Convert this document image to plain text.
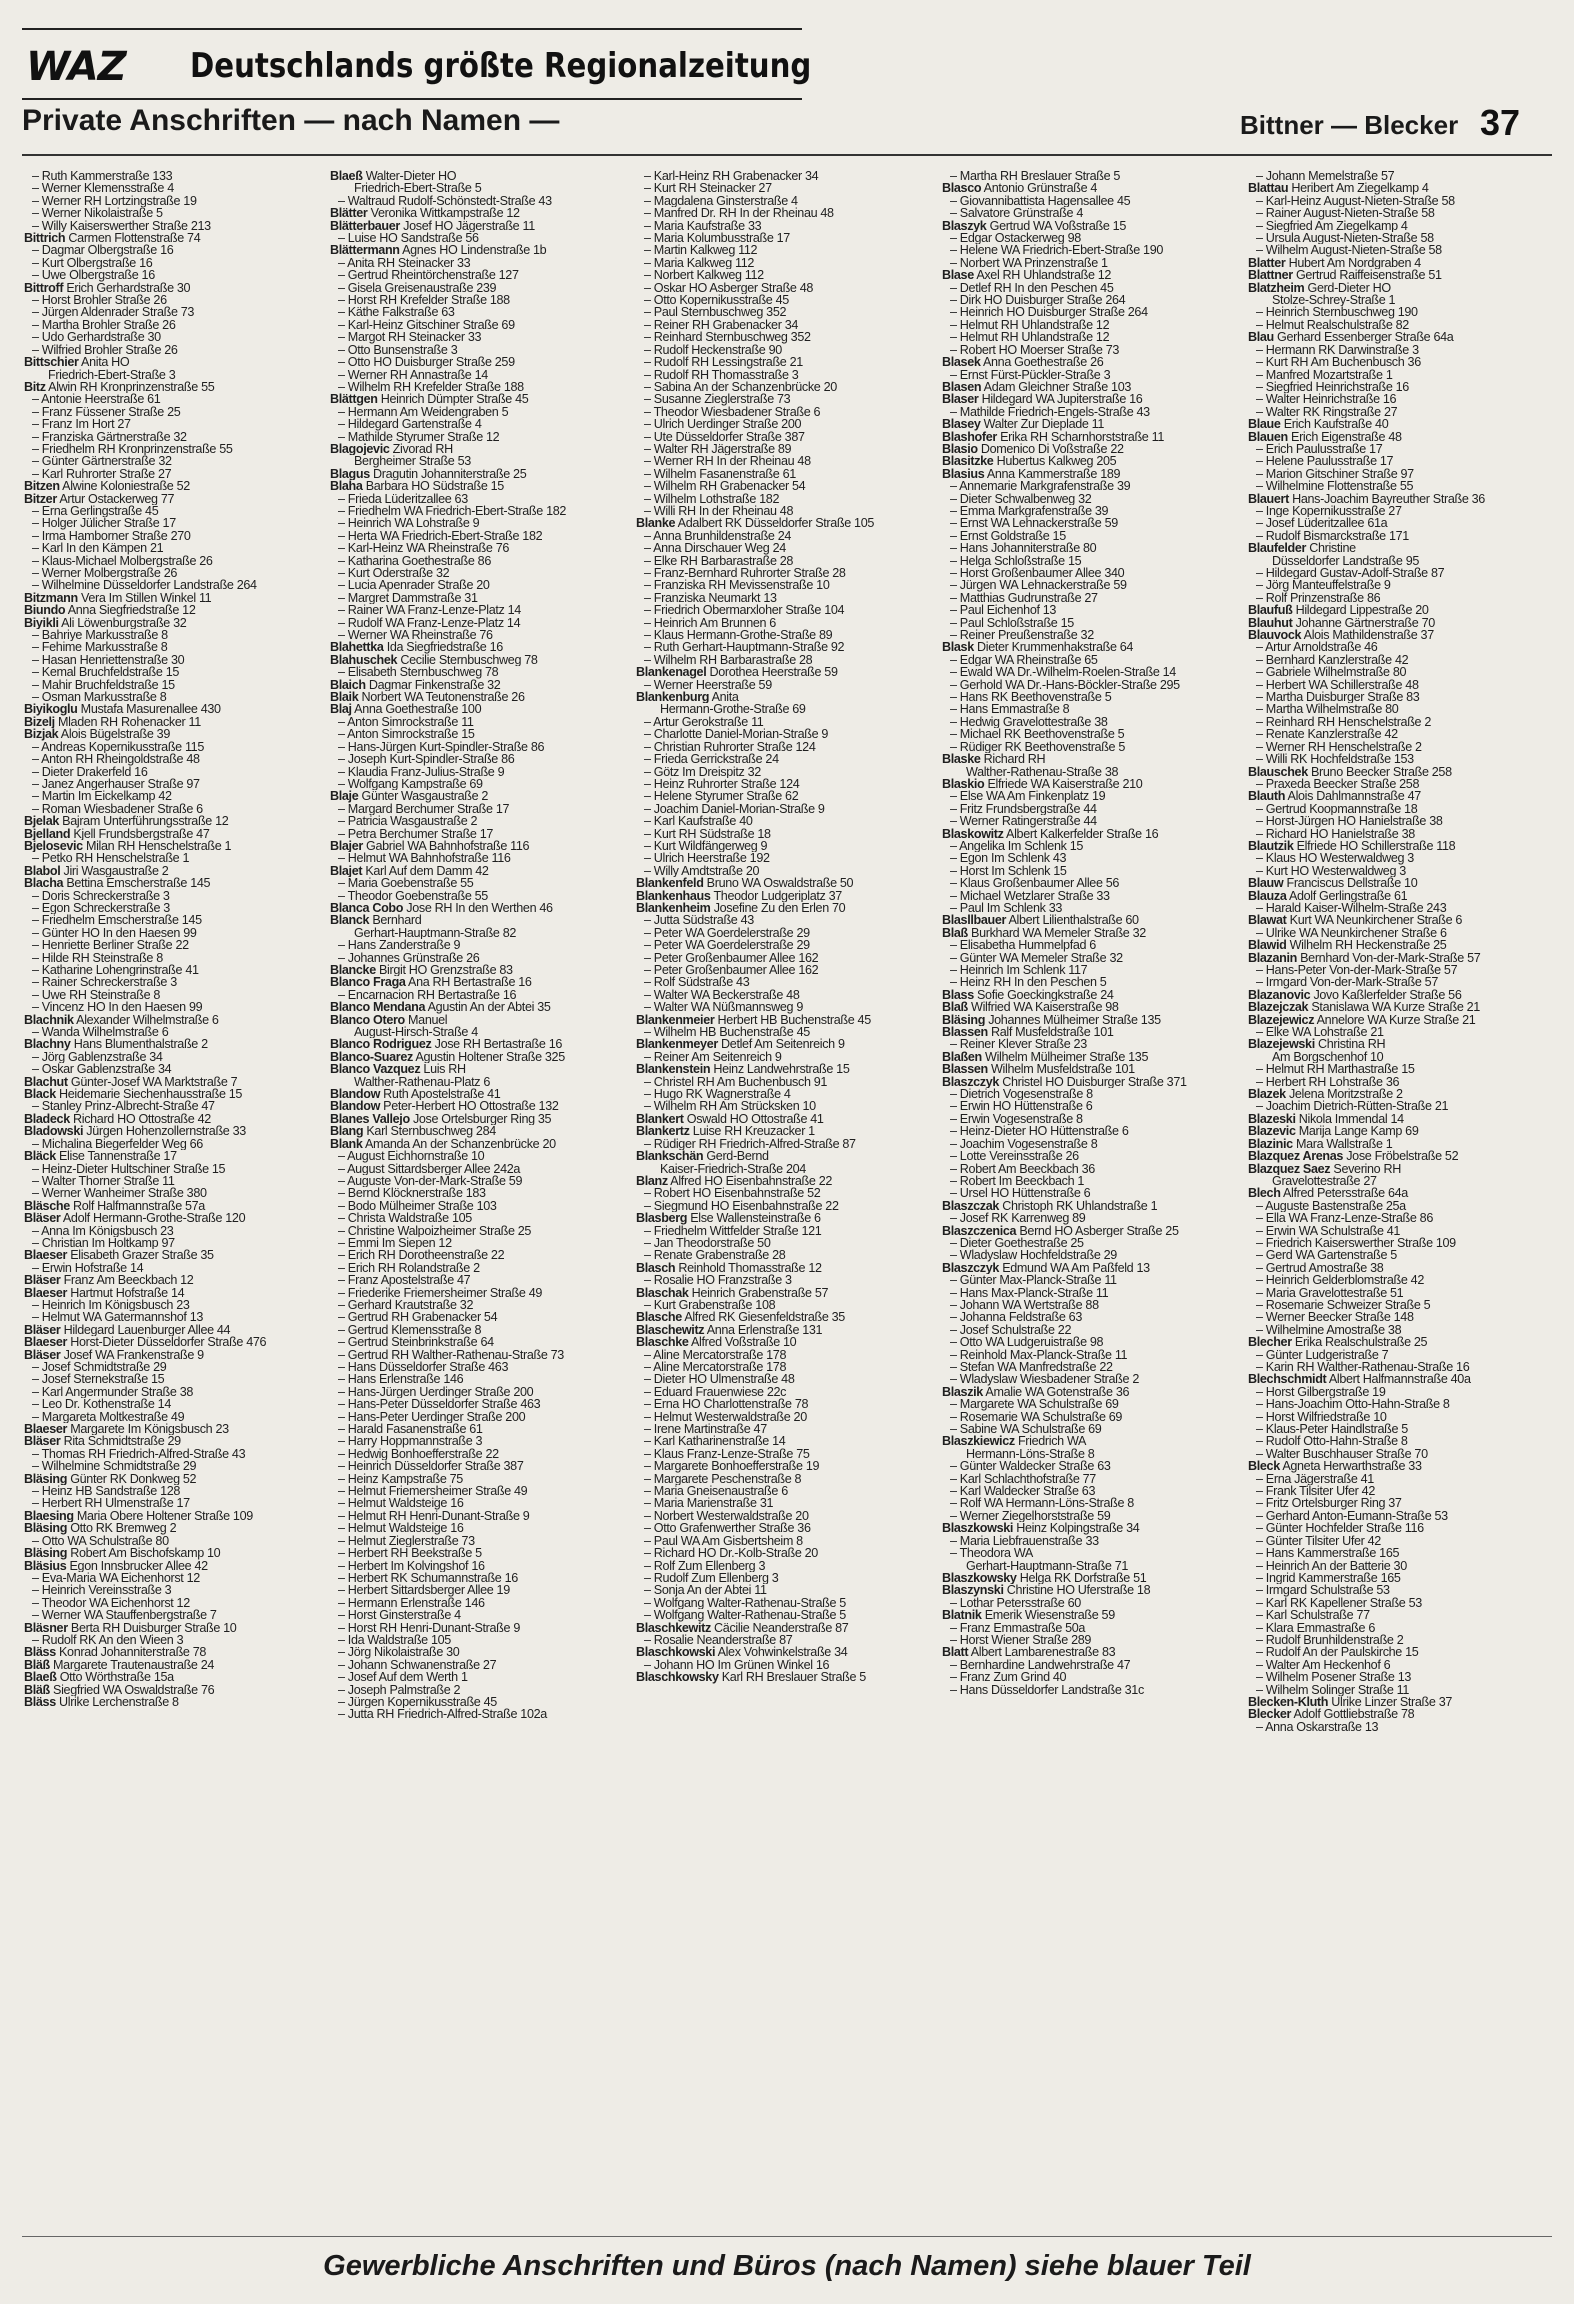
WAZ Deutschlands größte Regionalzeitung
Private Anschriften — nach Namen —	Bittner — Blecker 37
– Ruth Kammerstraße 133
– Werner Klemensstraße 4
– Werner RH Lortzingstraße 19
– Werner Nikolaistraße 5
– Willy Kaiserswerther Straße 213
Bittrich Carmen Flottenstraße 74
– Dagmar Ölbergstraße 16
– Kurt Ölbergstraße 16
– Uwe Ölbergstraße 16
Bittroff Erich Gerhardstraße 30
– Horst Brohler Straße 26
– Jürgen Aldenrader Straße 73
– Martha Brohler Straße 26
– Udo Gerhardstraße 30
– Wilfried Brohler Straße 26
Bittschier Anita HO
Friedrich-Ebert-Straße 3
Bitz Alwin RH Kronprinzenstraße 55
– Antonie Heerstraße 61
– Franz Füssener Straße 25
– Franz Im Hort 27
– Franziska Gärtnerstraße 32
– Friedhelm RH Kronprinzenstraße 55
– Günter Gärtnerstraße 32
– Karl Ruhrorter Straße 27
Bitzen Alwine Koloniestraße 52
Bitzer Artur Ostackerweg 77
– Erna Gerlingstraße 45
– Holger Jülicher Straße 17
– Irma Hamborner Straße 270
– Karl In den Kämpen 21
– Klaus-Michael Molbergstraße 26
– Werner Molbergstraße 26
– Wilhelmine Düsseldorfer Landstraße 264
Bitzmann Vera Im Stillen Winkel 11
Biundo Anna Siegfriedstraße 12
Biyikli Ali Löwenburgstraße 32
– Bahriye Markusstraße 8
– Fehime Markusstraße 8
– Hasan Henriettenstraße 30
– Kemal Bruchfeldstraße 15
– Mahir Bruchfeldstraße 15
– Osman Markusstraße 8
Biyikoglu Mustafa Masurenallee 430
Bizelj Mladen RH Rohenacker 11
Bizjak Alois Bügelstraße 39
– Andreas Kopernikusstraße 115
– Anton RH Rheingoldstraße 48
– Dieter Drakerfeld 16
– Janez Angerhauser Straße 97
– Martin Im Eickelkamp 42
– Roman Wiesbadener Straße 6
Bjelak Bajram Unterführungsstraße 12
Bjelland Kjell Frundsbergstraße 47
Bjelosevic Milan RH Henschelstraße 1
– Petko RH Henschelstraße 1
Blabol Jiri Wasgaustraße 2
Blacha Bettina Emscherstraße 145
– Doris Schreckerstraße 3
– Egon Schreckerstraße 3
– Friedhelm Emscherstraße 145
– Günter HO In den Haesen 99
– Henriette Berliner Straße 22
– Hilde RH Steinstraße 8
– Katharine Lohengrinstraße 41
– Rainer Schreckerstraße 3
– Uwe RH Steinstraße 8
– Vincenz HO In den Haesen 99
Blachnik Alexander Wilhelmstraße 6
– Wanda Wilhelmstraße 6
Blachny Hans Blumenthalstraße 2
– Jörg Gablenzstraße 34
– Oskar Gablenzstraße 34
Blachut Günter-Josef WA Marktstraße 7
Black Heidemarie Siechenhausstraße 15
– Stanley Prinz-Albrecht-Straße 47
Bladeck Richard HO Ottostraße 42
Bladowski Jürgen Hohenzollernstraße 33
– Michalina Biegerfelder Weg 66
Bläck Elise Tannenstraße 17
– Heinz-Dieter Hultschiner Straße 15
– Walter Thorner Straße 11
– Werner Wanheimer Straße 380
Bläsche Rolf Halfmannstraße 57a
Bläser Adolf Hermann-Grothe-Straße 120
– Anna Im Königsbusch 23
– Christian Im Holtkamp 97
Blaeser Elisabeth Grazer Straße 35
– Erwin Hofstraße 14
Bläser Franz Am Beeckbach 12
Blaeser Hartmut Hofstraße 14
– Heinrich Im Königsbusch 23
– Helmut WA Gatermannshof 13
Bläser Hildegard Lauenburger Allee 44
Blaeser Horst-Dieter Düsseldorfer Straße 476
Bläser Josef WA Frankenstraße 9
– Josef Schmidtstraße 29
– Josef Sternekstraße 15
– Karl Angermunder Straße 38
– Leo Dr. Kothenstraße 14
– Margareta Moltkestraße 49
Blaeser Margarete Im Königsbusch 23
Bläser Rita Schmidtstraße 29
– Thomas RH Friedrich-Alfred-Straße 43
– Wilhelmine Schmidtstraße 29
Bläsing Günter RK Donkweg 52
– Heinz HB Sandstraße 128
– Herbert RH Ulmenstraße 17
Blaesing Maria Obere Holtener Straße 109
Bläsing Otto RK Bremweg 2
– Otto WA Schulstraße 80
Bläsing Robert Am Bischofskamp 10
Bläsius Egon Innsbrucker Allee 42
– Eva-Maria WA Eichenhorst 12
– Heinrich Vereinsstraße 3
– Theodor WA Eichenhorst 12
– Werner WA Stauffenbergstraße 7
Bläsner Berta RH Duisburger Straße 10
– Rudolf RK An den Wieen 3
Bläss Konrad Johanniterstraße 78
Bläß Margarete Trautenaustraße 24
Blaeß Otto Wörthstraße 15a
Bläß Siegfried WA Oswaldstraße 76
Bläss Ulrike Lerchenstraße 8
Blaeß Walter-Dieter HO
Friedrich-Ebert-Straße 5
– Waltraud Rudolf-Schönstedt-Straße 43
Blätter Veronika Wittkampstraße 12
Blätterbauer Josef HO Jägerstraße 11
– Luise HO Sandstraße 56
Blättermann Agnes HO Lindenstraße 1b
– Anita RH Steinacker 33
– Gertrud Rheintörchenstraße 127
– Gisela Greisenaustraße 239
– Horst RH Krefelder Straße 188
– Käthe Falkstraße 63
– Karl-Heinz Gitschiner Straße 69
– Margot RH Steinacker 33
– Otto Bunsenstraße 3
– Otto HO Duisburger Straße 259
– Werner RH Annastraße 14
– Wilhelm RH Krefelder Straße 188
Blättgen Heinrich Dümpter Straße 45
– Hermann Am Weidengraben 5
– Hildegard Gartenstraße 4
– Mathilde Styrumer Straße 12
Blagojevic Zivorad RH
Bergheimer Straße 53
Blagus Dragutin Johanniterstraße 25
Blaha Barbara HO Südstraße 15
– Frieda Lüderitzallee 63
– Friedhelm WA Friedrich-Ebert-Straße 182
– Heinrich WA Lohstraße 9
– Herta WA Friedrich-Ebert-Straße 182
– Karl-Heinz WA Rheinstraße 76
– Katharina Goethestraße 86
– Kurt Oderstraße 32
– Lucia Apenrader Straße 20
– Margret Dammstraße 31
– Rainer WA Franz-Lenze-Platz 14
– Rudolf WA Franz-Lenze-Platz 14
– Werner WA Rheinstraße 76
Blahettka Ida Siegfriedstraße 16
Blahuschek Cecilie Sternbuschweg 78
– Elisabeth Sternbuschweg 78
Blaich Dagmar Finkenstraße 32
Blaik Norbert WA Teutonenstraße 26
Blaj Anna Goethestraße 100
– Anton Simrockstraße 11
– Anton Simrockstraße 15
– Hans-Jürgen Kurt-Spindler-Straße 86
– Joseph Kurt-Spindler-Straße 86
– Klaudia Franz-Julius-Straße 9
– Wolfgang Kampstraße 69
Blaje Günter Wasgaustraße 2
– Margard Berchumer Straße 17
– Patricia Wasgaustraße 2
– Petra Berchumer Straße 17
Blajer Gabriel WA Bahnhofstraße 116
– Helmut WA Bahnhofstraße 116
Blajet Karl Auf dem Damm 42
– Maria Goebenstraße 55
– Theodor Goebenstraße 55
Blanca Cobo Jose RH In den Werthen 46
Blanck Bernhard
Gerhart-Hauptmann-Straße 82
– Hans Zanderstraße 9
– Johannes Grünstraße 26
Blancke Birgit HO Grenzstraße 83
Blanco Fraga Ana RH Bertastraße 16
– Encarnacion RH Bertastraße 16
Blanco Mendana Agustin An der Abtei 35
Blanco Otero Manuel
August-Hirsch-Straße 4
Blanco Rodriguez Jose RH Bertastraße 16
Blanco-Suarez Agustin Holtener Straße 325
Blanco Vazquez Luis RH
Walther-Rathenau-Platz 6
Blandow Ruth Apostelstraße 41
Blandow Peter-Herbert HO Ottostraße 132
Blanes Vallejo Jose Ortelsburger Ring 35
Blang Karl Sternbuschweg 284
Blank Amanda An der Schanzenbrücke 20
– August Eichhornstraße 10
– August Sittardsberger Allee 242a
– Auguste Von-der-Mark-Straße 59
– Bernd Klöcknerstraße 183
– Bodo Mülheimer Straße 103
– Christa Waldstraße 105
– Christine Walpoizheimer Straße 25
– Emmi Im Siepen 12
– Erich RH Dorotheenstraße 22
– Erich RH Rolandstraße 2
– Franz Apostelstraße 47
– Friederike Friemersheimer Straße 49
– Gerhard Krautstraße 32
– Gertrud RH Grabenacker 54
– Gertrud Klemensstraße 8
– Gertrud Steinbrinkstraße 64
– Gertrud RH Walther-Rathenau-Straße 73
– Hans Düsseldorfer Straße 463
– Hans Erlenstraße 146
– Hans-Jürgen Uerdinger Straße 200
– Hans-Peter Düsseldorfer Straße 463
– Hans-Peter Uerdinger Straße 200
– Harald Fasanenstraße 61
– Harry Hoppmannstraße 3
– Hedwig Bonhoefferstraße 22
– Heinrich Düsseldorfer Straße 387
– Heinz Kampstraße 75
– Helmut Friemersheimer Straße 49
– Helmut Waldsteige 16
– Helmut RH Henri-Dunant-Straße 9
– Helmut Waldsteige 16
– Helmut Zieglerstraße 73
– Herbert RH Beekstraße 5
– Herbert Im Kolvingshof 16
– Herbert RK Schumannstraße 16
– Herbert Sittardsberger Allee 19
– Hermann Erlenstraße 146
– Horst Ginsterstraße 4
– Horst RH Henri-Dunant-Straße 9
– Ida Waldstraße 105
– Jörg Nikolaistraße 30
– Johann Schwanenstraße 27
– Josef Auf dem Werth 1
– Joseph Palmstraße 2
– Jürgen Kopernikusstraße 45
– Jutta RH Friedrich-Alfred-Straße 102a
– Karl-Heinz RH Grabenacker 34
– Kurt RH Steinacker 27
– Magdalena Ginsterstraße 4
– Manfred Dr. RH In der Rheinau 48
– Maria Kaufstraße 33
– Maria Kolumbusstraße 17
– Martin Kalkweg 112
– Maria Kalkweg 112
– Norbert Kalkweg 112
– Oskar HO Asberger Straße 48
– Otto Kopernikusstraße 45
– Paul Sternbuschweg 352
– Reiner RH Grabenacker 34
– Reinhard Sternbuschweg 352
– Rudolf Heckenstraße 90
– Rudolf RH Lessingstraße 21
– Rudolf RH Thomasstraße 3
– Sabina An der Schanzenbrücke 20
– Susanne Zieglerstraße 73
– Theodor Wiesbadener Straße 6
– Ulrich Uerdinger Straße 200
– Ute Düsseldorfer Straße 387
– Walter RH Jägerstraße 89
– Werner RH In der Rheinau 48
– Wilhelm Fasanenstraße 61
– Wilhelm RH Grabenacker 54
– Wilhelm Lothstraße 182
– Willi RH In der Rheinau 48
Blanke Adalbert RK Düsseldorfer Straße 105
– Anna Brunhildenstraße 24
– Anna Dirschauer Weg 24
– Elke RH Barbarastraße 28
– Franz-Bernhard Ruhrorter Straße 28
– Franziska RH Mevissenstraße 10
– Franziska Neumarkt 13
– Friedrich Obermarxloher Straße 104
– Heinrich Am Brunnen 6
– Klaus Hermann-Grothe-Straße 89
– Ruth Gerhart-Hauptmann-Straße 92
– Wilhelm RH Barbarastraße 28
Blankenagel Dorothea Heerstraße 59
– Werner Heerstraße 59
Blankenburg Anita
Hermann-Grothe-Straße 69
– Artur Gerokstraße 11
– Charlotte Daniel-Morian-Straße 9
– Christian Ruhrorter Straße 124
– Frieda Gerrickstraße 24
– Götz Im Dreispitz 32
– Heinz Ruhrorter Straße 124
– Helene Styrumer Straße 62
– Joachim Daniel-Morian-Straße 9
– Karl Kaufstraße 40
– Kurt RH Südstraße 18
– Kurt Wildfängerweg 9
– Ulrich Heerstraße 192
– Willy Amdtstraße 20
Blankenfeld Bruno WA Oswaldstraße 50
Blankenhaus Theodor Ludgeriplatz 37
Blankenheim Josefine Zu den Erlen 70
– Jutta Südstraße 43
– Peter WA Goerdelerstraße 29
– Peter WA Goerdelerstraße 29
– Peter Großenbaumer Allee 162
– Peter Großenbaumer Allee 162
– Rolf Südstraße 43
– Walter WA Beckerstraße 48
– Walter WA Nüßmannsweg 9
Blankenmeier Herbert HB Buchenstraße 45
– Wilhelm HB Buchenstraße 45
Blankenmeyer Detlef Am Seitenreich 9
– Reiner Am Seitenreich 9
Blankenstein Heinz Landwehrstraße 15
– Christel RH Am Buchenbusch 91
– Hugo RK Wagnerstraße 4
– Wilhelm RH Am Strücksken 10
Blankert Oswald HO Ottostraße 41
Blankertz Luise RH Kreuzacker 1
– Rüdiger RH Friedrich-Alfred-Straße 87
Blankschän Gerd-Bernd
Kaiser-Friedrich-Straße 204
Blanz Alfred HO Eisenbahnstraße 22
– Robert HO Eisenbahnstraße 52
– Siegmund HO Eisenbahnstraße 22
Blasberg Else Wallensteinstraße 6
– Friedhelm Wittfelder Straße 121
– Jan Theodorstraße 50
– Renate Grabenstraße 28
Blasch Reinhold Thomasstraße 12
– Rosalie HO Franzstraße 3
Blaschak Heinrich Grabenstraße 57
– Kurt Grabenstraße 108
Blasche Alfred RK Giesenfeldstraße 35
Blaschewitz Anna Erlenstraße 131
Blaschke Alfred Voßstraße 10
– Aline Mercatorstraße 178
– Aline Mercatorstraße 178
– Dieter HO Ulmenstraße 48
– Eduard Frauenwiese 22c
– Erna HO Charlottenstraße 78
– Helmut Westerwaldstraße 20
– Irene Martinstraße 47
– Karl Katharinenstraße 14
– Klaus Franz-Lenze-Straße 75
– Margarete Bonhoefferstraße 19
– Margarete Peschenstraße 8
– Maria Gneisenaustraße 6
– Maria Marienstraße 31
– Norbert Westerwaldstraße 20
– Otto Grafenwerther Straße 36
– Paul WA Am Gisbertsheim 8
– Richard HO Dr.-Kolb-Straße 20
– Rolf Zum Ellenberg 3
– Rudolf Zum Ellenberg 3
– Sonja An der Abtei 11
– Wolfgang Walter-Rathenau-Straße 5
– Wolfgang Walter-Rathenau-Straße 5
Blaschkewitz Cäcilie Neanderstraße 87
– Rosalie Neanderstraße 87
Blaschkowski Alex Vohwinkelstraße 34
– Johann HO Im Grünen Winkel 16
Blaschkowsky Karl RH Breslauer Straße 5
– Martha RH Breslauer Straße 5
Blasco Antonio Grünstraße 4
– Giovannibattista Hagensallee 45
– Salvatore Grünstraße 4
Blaszyk Gertrud WA Voßstraße 15
– Edgar Ostackerweg 98
– Helene WA Friedrich-Ebert-Straße 190
– Norbert WA Prinzenstraße 1
Blase Axel RH Uhlandstraße 12
– Detlef RH In den Peschen 45
– Dirk HO Duisburger Straße 264
– Heinrich HO Duisburger Straße 264
– Helmut RH Uhlandstraße 12
– Helmut RH Uhlandstraße 12
– Robert HO Moerser Straße 73
Blasek Anna Goethestraße 26
– Ernst Fürst-Pückler-Straße 3
Blasen Adam Gleichner Straße 103
Blaser Hildegard WA Jupiterstraße 16
– Mathilde Friedrich-Engels-Straße 43
Blasey Walter Zur Dieplade 11
Blashofer Erika RH Scharnhorststraße 11
Blasio Domenico Di Voßstraße 22
Blasitzke Hubertus Kalkweg 205
Blasius Anna Kammerstraße 189
– Annemarie Markgrafenstraße 39
– Dieter Schwalbenweg 32
– Emma Markgrafenstraße 39
– Ernst WA Lehnackerstraße 59
– Ernst Goldstraße 15
– Hans Johanniterstraße 80
– Helga Schloßstraße 15
– Horst Großenbaumer Allee 340
– Jürgen WA Lehnackerstraße 59
– Matthias Gudrunstraße 27
– Paul Eichenhof 13
– Paul Schloßstraße 15
– Reiner Preußenstraße 32
Blask Dieter Krummenhakstraße 64
– Edgar WA Rheinstraße 65
– Ewald WA Dr.-Wilhelm-Roelen-Straße 14
– Gerhold WA Dr.-Hans-Böckler-Straße 295
– Hans RK Beethovenstraße 5
– Hans Emmastraße 8
– Hedwig Gravelottestraße 38
– Michael RK Beethovenstraße 5
– Rüdiger RK Beethovenstraße 5
Blaske Richard RH
Walther-Rathenau-Straße 38
Blaskio Elfriede WA Kaiserstraße 210
– Else WA Am Finkenplatz 19
– Fritz Frundsbergstraße 44
– Werner Ratingerstraße 44
Blaskowitz Albert Kalkerfelder Straße 16
– Angelika Im Schlenk 15
– Egon Im Schlenk 43
– Horst Im Schlenk 15
– Klaus Großenbaumer Allee 56
– Michael Wetzlarer Straße 33
– Paul Im Schlenk 33
Blasllbauer Albert Lilienthalstraße 60
Blaß Burkhard WA Memeler Straße 32
– Elisabetha Hummelpfad 6
– Günter WA Memeler Straße 32
– Heinrich Im Schlenk 117
– Heinz RH In den Peschen 5
Blass Sofie Goeckingkstraße 24
Blaß Wilfried WA Kaiserstraße 98
Bläsing Johannes Mülheimer Straße 135
Blassen Ralf Musfeldstraße 101
– Reiner Klever Straße 23
Blaßen Wilhelm Mülheimer Straße 135
Blassen Wilhelm Musfeldstraße 101
Blaszczyk Christel HO Duisburger Straße 371
– Dietrich Vogesenstraße 8
– Erwin HO Hüttenstraße 6
– Erwin Vogesenstraße 8
– Heinz-Dieter HO Hüttenstraße 6
– Joachim Vogesenstraße 8
– Lotte Vereinsstraße 26
– Robert Am Beeckbach 36
– Robert Im Beeckbach 1
– Ursel HO Hüttenstraße 6
Blaszczak Christoph RK Uhlandstraße 1
– Josef RK Karrenweg 89
Blaszczenica Bernd HO Asberger Straße 25
– Dieter Goethestraße 25
– Wladyslaw Hochfeldstraße 29
Blaszczyk Edmund WA Am Paßfeld 13
– Günter Max-Planck-Straße 11
– Hans Max-Planck-Straße 11
– Johann WA Wertstraße 88
– Johanna Feldstraße 63
– Josef Schulstraße 22
– Otto WA Ludgeruistraße 98
– Reinhold Max-Planck-Straße 11
– Stefan WA Manfredstraße 22
– Wladyslaw Wiesbadener Straße 2
Blaszik Amalie WA Gotenstraße 36
– Margarete WA Schulstraße 69
– Rosemarie WA Schulstraße 69
– Sabine WA Schulstraße 69
Blaszkiewicz Friedrich WA
Hermann-Löns-Straße 8
– Günter Waldecker Straße 63
– Karl Schlachthofstraße 77
– Karl Waldecker Straße 63
– Rolf WA Hermann-Löns-Straße 8
– Werner Ziegelhorststraße 59
Blaszkowski Heinz Kolpingstraße 34
– Maria Liebfrauenstraße 33
– Theodora WA
Gerhart-Hauptmann-Straße 71
Blaszkowsky Helga RK Dorfstraße 51
Blaszynski Christine HO Uferstraße 18
– Lothar Petersstraße 60
Blatnik Emerik Wiesenstraße 59
– Franz Emmastraße 50a
– Horst Wiener Straße 289
Blatt Albert Lambarenestraße 83
– Bernhardine Landwehrstraße 47
– Franz Zum Grind 40
– Hans Düsseldorfer Landstraße 31c
– Johann Memelstraße 57
Blattau Heribert Am Ziegelkamp 4
– Karl-Heinz August-Nieten-Straße 58
– Rainer August-Nieten-Straße 58
– Siegfried Am Ziegelkamp 4
– Ursula August-Nieten-Straße 58
– Wilhelm August-Nieten-Straße 58
Blatter Hubert Am Nordgraben 4
Blattner Gertrud Raiffeisenstraße 51
Blatzheim Gerd-Dieter HO
Stolze-Schrey-Straße 1
– Heinrich Sternbuschweg 190
– Helmut Realschulstraße 82
Blau Gerhard Essenberger Straße 64a
– Hermann RK Darwinstraße 3
– Kurt RH Am Buchenbusch 36
– Manfred Mozartstraße 1
– Siegfried Heinrichstraße 16
– Walter Heinrichstraße 16
– Walter RK Ringstraße 27
Blaue Erich Kaufstraße 40
Blauen Erich Eigenstraße 48
– Erich Paulusstraße 17
– Helene Paulusstraße 17
– Marion Gitschiner Straße 97
– Wilhelmine Flottenstraße 55
Blauert Hans-Joachim Bayreuther Straße 36
– Inge Kopernikusstraße 27
– Josef Lüderitzallee 61a
– Rudolf Bismarckstraße 171
Blaufelder Christine
Düsseldorfer Landstraße 95
– Hildegard Gustav-Adolf-Straße 87
– Jörg Manteuffelstraße 9
– Rolf Prinzenstraße 86
Blaufuß Hildegard Lippestraße 20
Blauhut Johanne Gärtnerstraße 70
Blauvock Alois Mathildenstraße 37
– Artur Arnoldstraße 46
– Bernhard Kanzlerstraße 42
– Gabriele Wilhelmstraße 80
– Herbert WA Schillerstraße 48
– Martha Duisburger Straße 83
– Martha Wilhelmstraße 80
– Reinhard RH Henschelstraße 2
– Renate Kanzlerstraße 42
– Werner RH Henschelstraße 2
– Willi RK Hochfeldstraße 153
Blauschek Bruno Beecker Straße 258
– Praxeda Beecker Straße 258
Blauth Alois Dahlmannstraße 47
– Gertrud Koopmannstraße 18
– Horst-Jürgen HO Hanielstraße 38
– Richard HO Hanielstraße 38
Blautzik Elfriede HO Schillerstraße 118
– Klaus HO Westerwaldweg 3
– Kurt HO Westerwaldweg 3
Blauw Franciscus Dellstraße 10
Blauza Adolf Gerlingstraße 61
– Harald Kaiser-Wilhelm-Straße 243
Blawat Kurt WA Neunkirchener Straße 6
– Ulrike WA Neunkirchener Straße 6
Blawid Wilhelm RH Heckenstraße 25
Blazanin Bernhard Von-der-Mark-Straße 57
– Hans-Peter Von-der-Mark-Straße 57
– Irmgard Von-der-Mark-Straße 57
Blazanovic Jovo Kaßlerfelder Straße 56
Blazejczak Stanislawa WA Kurze Straße 21
Blazejewicz Annelore WA Kurze Straße 21
– Elke WA Lohstraße 21
Blazejewski Christina RH
Am Borgschenhof 10
– Helmut RH Marthastraße 15
– Herbert RH Lohstraße 36
Blazek Jelena Moritzstraße 2
– Joachim Dietrich-Rütten-Straße 21
Blazeski Nikola Immendal 14
Blazevic Marija Lange Kamp 69
Blazinic Mara Wallstraße 1
Blazquez Arenas Jose Fröbelstraße 52
Blazquez Saez Severino RH
Gravelottestraße 27
Blech Alfred Petersstraße 64a
– Auguste Bastenstraße 25a
– Ella WA Franz-Lenze-Straße 86
– Erwin WA Schulstraße 41
– Friedrich Kaiserswerther Straße 109
– Gerd WA Gartenstraße 5
– Gertrud Amostraße 38
– Heinrich Gelderblomstraße 42
– Maria Gravelottestraße 51
– Rosemarie Schweizer Straße 5
– Werner Beecker Straße 148
– Wilhelmine Amostraße 38
Blecher Erika Realschulstraße 25
– Günter Ludgeristraße 7
– Karin RH Walther-Rathenau-Straße 16
Blechschmidt Albert Halfmannstraße 40a
– Horst Gilbergstraße 19
– Hans-Joachim Otto-Hahn-Straße 8
– Horst Wilfriedstraße 10
– Klaus-Peter Haindlstraße 5
– Rudolf Otto-Hahn-Straße 8
– Walter Buschhauser Straße 70
Bleck Agneta Herwarthstraße 33
– Erna Jägerstraße 41
– Frank Tilsiter Ufer 42
– Fritz Ortelsburger Ring 37
– Gerhard Anton-Eumann-Straße 53
– Günter Hochfelder Straße 116
– Günter Tilsiter Ufer 42
– Hans Kammerstraße 165
– Heinrich An der Batterie 30
– Ingrid Kammerstraße 165
– Irmgard Schulstraße 53
– Karl RK Kapellener Straße 53
– Karl Schulstraße 77
– Klara Emmastraße 6
– Rudolf Brunhildenstraße 2
– Rudolf An der Paulskirche 15
– Walter Am Heckenhof 6
– Wilhelm Posener Straße 13
– Wilhelm Solinger Straße 11
Blecken-Kluth Ulrike Linzer Straße 37
Blecker Adolf Gottliebstraße 78
– Anna Oskarstraße 13
Gewerbliche Anschriften und Büros (nach Namen) siehe blauer Teil
